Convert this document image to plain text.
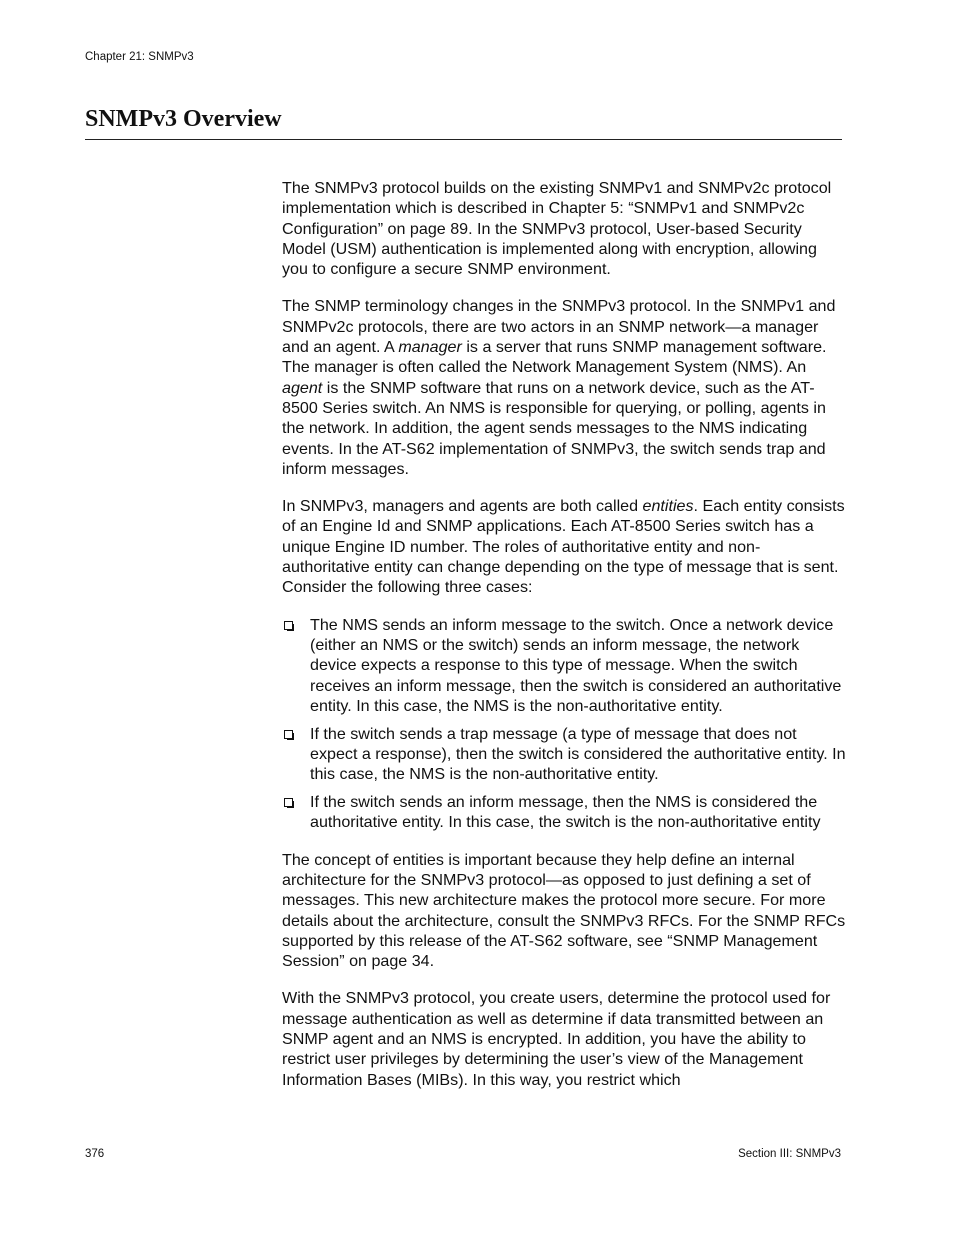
Chapter 21: SNMPv3
SNMPv3 Overview

The SNMPv3 protocol builds on the existing SNMPv1 and SNMPv2c protocol implementation which is described in Chapter 5: “SNMPv1 and SNMPv2c Configuration” on page 89. In the SNMPv3 protocol, User-based Security Model (USM) authentication is implemented along with encryption, allowing you to configure a secure SNMP environment.

The SNMP terminology changes in the SNMPv3 protocol. In the SNMPv1 and SNMPv2c protocols, there are two actors in an SNMP network—a manager and an agent. A manager is a server that runs SNMP management software. The manager is often called the Network Management System (NMS). An agent is the SNMP software that runs on a network device, such as the AT-8500 Series switch. An NMS is responsible for querying, or polling, agents in the network. In addition, the agent sends messages to the NMS indicating events. In the AT-S62 implementation of SNMPv3, the switch sends trap and inform messages.

In SNMPv3, managers and agents are both called entities. Each entity consists of an Engine Id and SNMP applications. Each AT-8500 Series switch has a unique Engine ID number. The roles of authoritative entity and non-authoritative entity can change depending on the type of message that is sent. Consider the following three cases:

The NMS sends an inform message to the switch. Once a network device (either an NMS or the switch) sends an inform message, the network device expects a response to this type of message. When the switch receives an inform message, then the switch is considered an authoritative entity. In this case, the NMS is the non-authoritative entity.
If the switch sends a trap message (a type of message that does not expect a response), then the switch is considered the authoritative entity. In this case, the NMS is the non-authoritative entity.
If the switch sends an inform message, then the NMS is considered the authoritative entity. In this case, the switch is the non-authoritative entity

The concept of entities is important because they help define an internal architecture for the SNMPv3 protocol—as opposed to just defining a set of messages. This new architecture makes the protocol more secure. For more details about the architecture, consult the SNMPv3 RFCs. For the SNMP RFCs supported by this release of the AT-S62 software, see “SNMP Management Session” on page 34.

With the SNMPv3 protocol, you create users, determine the protocol used for message authentication as well as determine if data transmitted between an SNMP agent and an NMS is encrypted. In addition, you have the ability to restrict user privileges by determining the user’s view of the Management Information Bases (MIBs). In this way, you restrict which

376	Section III: SNMPv3
